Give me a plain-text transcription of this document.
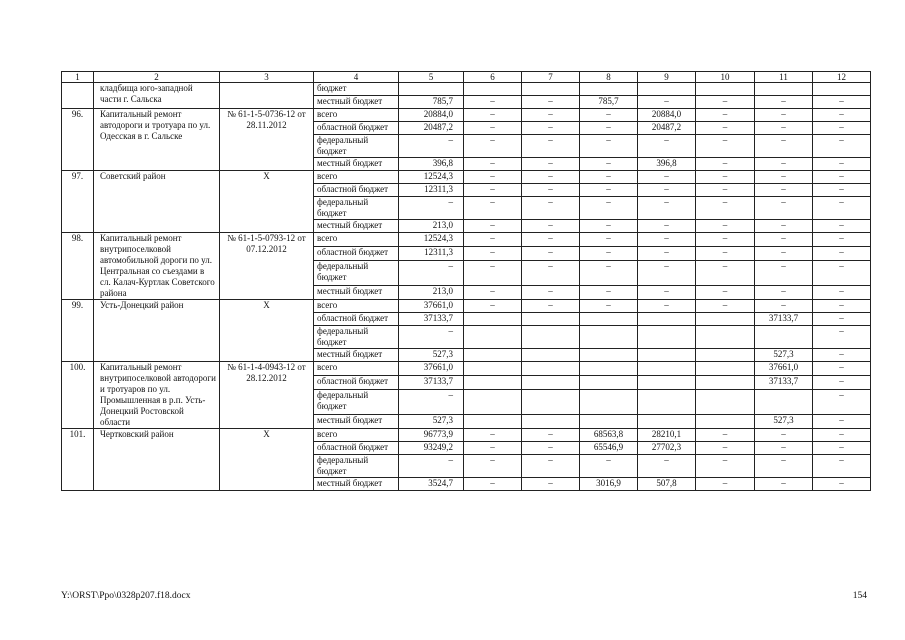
1	2	3	4	5	6	7	8	9	10	11	12
	кладбища юго-западной части г. Сальска		бюджет								
			местный бюджет	785,7	–	–	785,7	–	–	–	–
96.	Капитальный ремонт автодороги и тротуара по ул. Одесская в г. Сальске	№ 61-1-5-0736-12 от 28.11.2012	всего	20884,0	–	–	–	20884,0	–	–	–
			областной бюджет	20487,2	–	–	–	20487,2	–	–	–
			федеральный бюджет	–	–	–	–	–	–	–	–
			местный бюджет	396,8	–	–	–	396,8	–	–	–
97.	Советский район	X	всего	12524,3	–	–	–	–	–	–	–
			областной бюджет	12311,3	–	–	–	–	–	–	–
			федеральный бюджет	–	–	–	–	–	–	–	–
			местный бюджет	213,0	–	–	–	–	–	–	–
98.	Капитальный ремонт внутрипоселковой автомобильной дороги по ул. Центральная со съездами в сл. Калач-Куртлак Советского района	№ 61-1-5-0793-12 от 07.12.2012	всего	12524,3	–	–	–	–	–	–	–
			областной бюджет	12311,3	–	–	–	–	–	–	–
			федеральный бюджет	–	–	–	–	–	–	–	–
			местный бюджет	213,0	–	–	–	–	–	–	–
99.	Усть-Донецкий район	X	всего	37661,0	–	–	–	–	–	–	–
			областной бюджет	37133,7						37133,7	–
			федеральный бюджет	–							–
			местный бюджет	527,3						527,3	–
100.	Капитальный ремонт внутрипоселковой автодороги и тротуаров по ул. Промышленная в р.п. Усть-Донецкий Ростовской области	№ 61-1-4-0943-12 от 28.12.2012	всего	37661,0						37661,0	–
			областной бюджет	37133,7						37133,7	–
			федеральный бюджет	–							–
			местный бюджет	527,3						527,3	–
101.	Чертковский район	X	всего	96773,9	–	–	68563,8	28210,1	–	–	–
			областной бюджет	93249,2	–	–	65546,9	27702,3	–	–	–
			федеральный бюджет	–	–	–	–	–	–	–	–
			местный бюджет	3524,7	–	–	3016,9	507,8	–	–	–
Y:\ORST\Ppo\0328p207.f18.docx	154
